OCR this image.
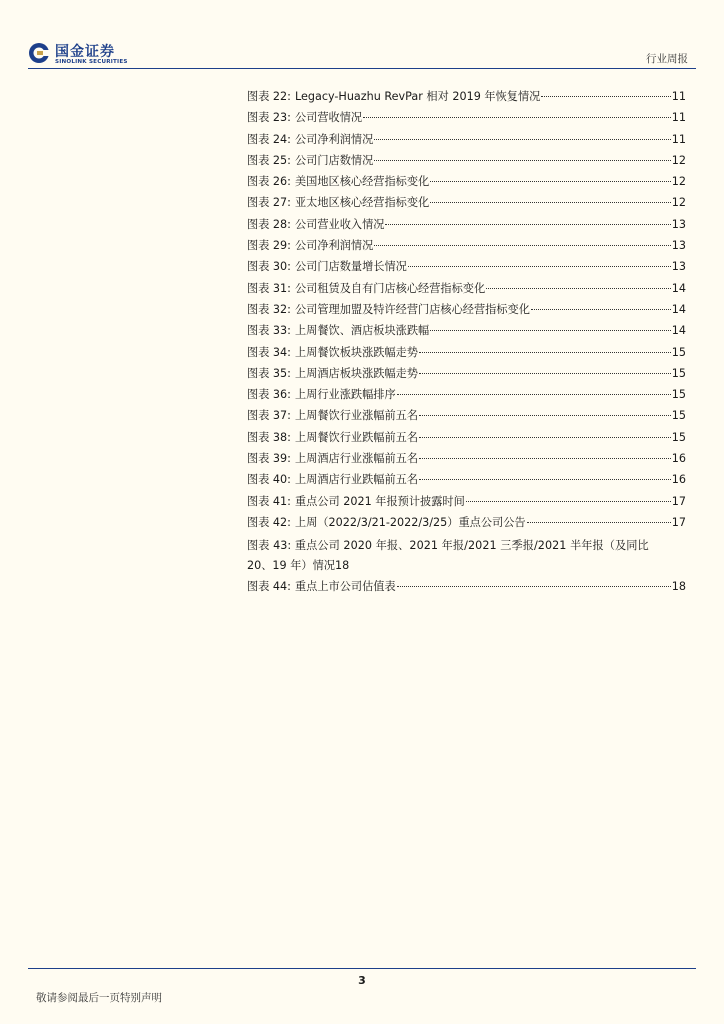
国金证券
SINOLINK SECURITIES	行业周报
图表 22: Legacy-Huazhu RevPar 相对 2019 年恢复情况	11
图表 23: 公司营收情况	11
图表 24: 公司净利润情况	11
图表 25: 公司门店数情况	12
图表 26: 美国地区核心经营指标变化	12
图表 27: 亚太地区核心经营指标变化	12
图表 28: 公司营业收入情况	13
图表 29: 公司净利润情况	13
图表 30: 公司门店数量增长情况	13
图表 31: 公司租赁及自有门店核心经营指标变化	14
图表 32: 公司管理加盟及特许经营门店核心经营指标变化	14
图表 33: 上周餐饮、酒店板块涨跌幅	14
图表 34: 上周餐饮板块涨跌幅走势	15
图表 35: 上周酒店板块涨跌幅走势	15
图表 36: 上周行业涨跌幅排序	15
图表 37: 上周餐饮行业涨幅前五名	15
图表 38: 上周餐饮行业跌幅前五名	15
图表 39: 上周酒店行业涨幅前五名	16
图表 40: 上周酒店行业跌幅前五名	16
图表 41: 重点公司 2021 年报预计披露时间	17
图表 42: 上周（2022/3/21-2022/3/25）重点公司公告	17
图表 43: 重点公司 2020 年报、2021 年报/2021 三季报/2021 半年报（及同比
20、19 年）情况 18
图表 44: 重点上市公司估值表	18
3
敬请参阅最后一页特别声明
